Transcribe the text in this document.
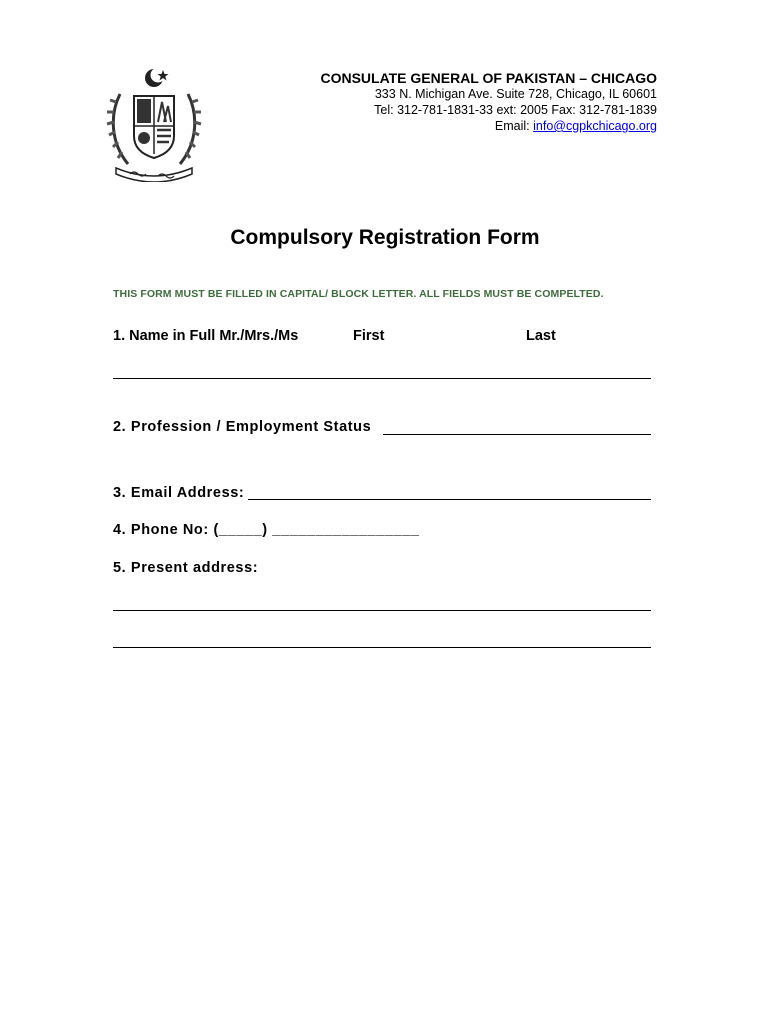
CONSULATE GENERAL OF PAKISTAN – CHICAGO
333 N. Michigan Ave. Suite 728, Chicago, IL 60601
Tel: 312-781-1831-33 ext: 2005 Fax: 312-781-1839
Email: info@cgpkchicago.org
Compulsory Registration Form
THIS FORM MUST BE FILLED IN CAPITAL/ BLOCK LETTER. ALL FIELDS MUST BE COMPELTED.
1. Name in Full Mr./Mrs./Ms	First	Last
2. Profession / Employment Status
3. Email Address:
4. Phone No: (_____) _________________
5. Present address:
